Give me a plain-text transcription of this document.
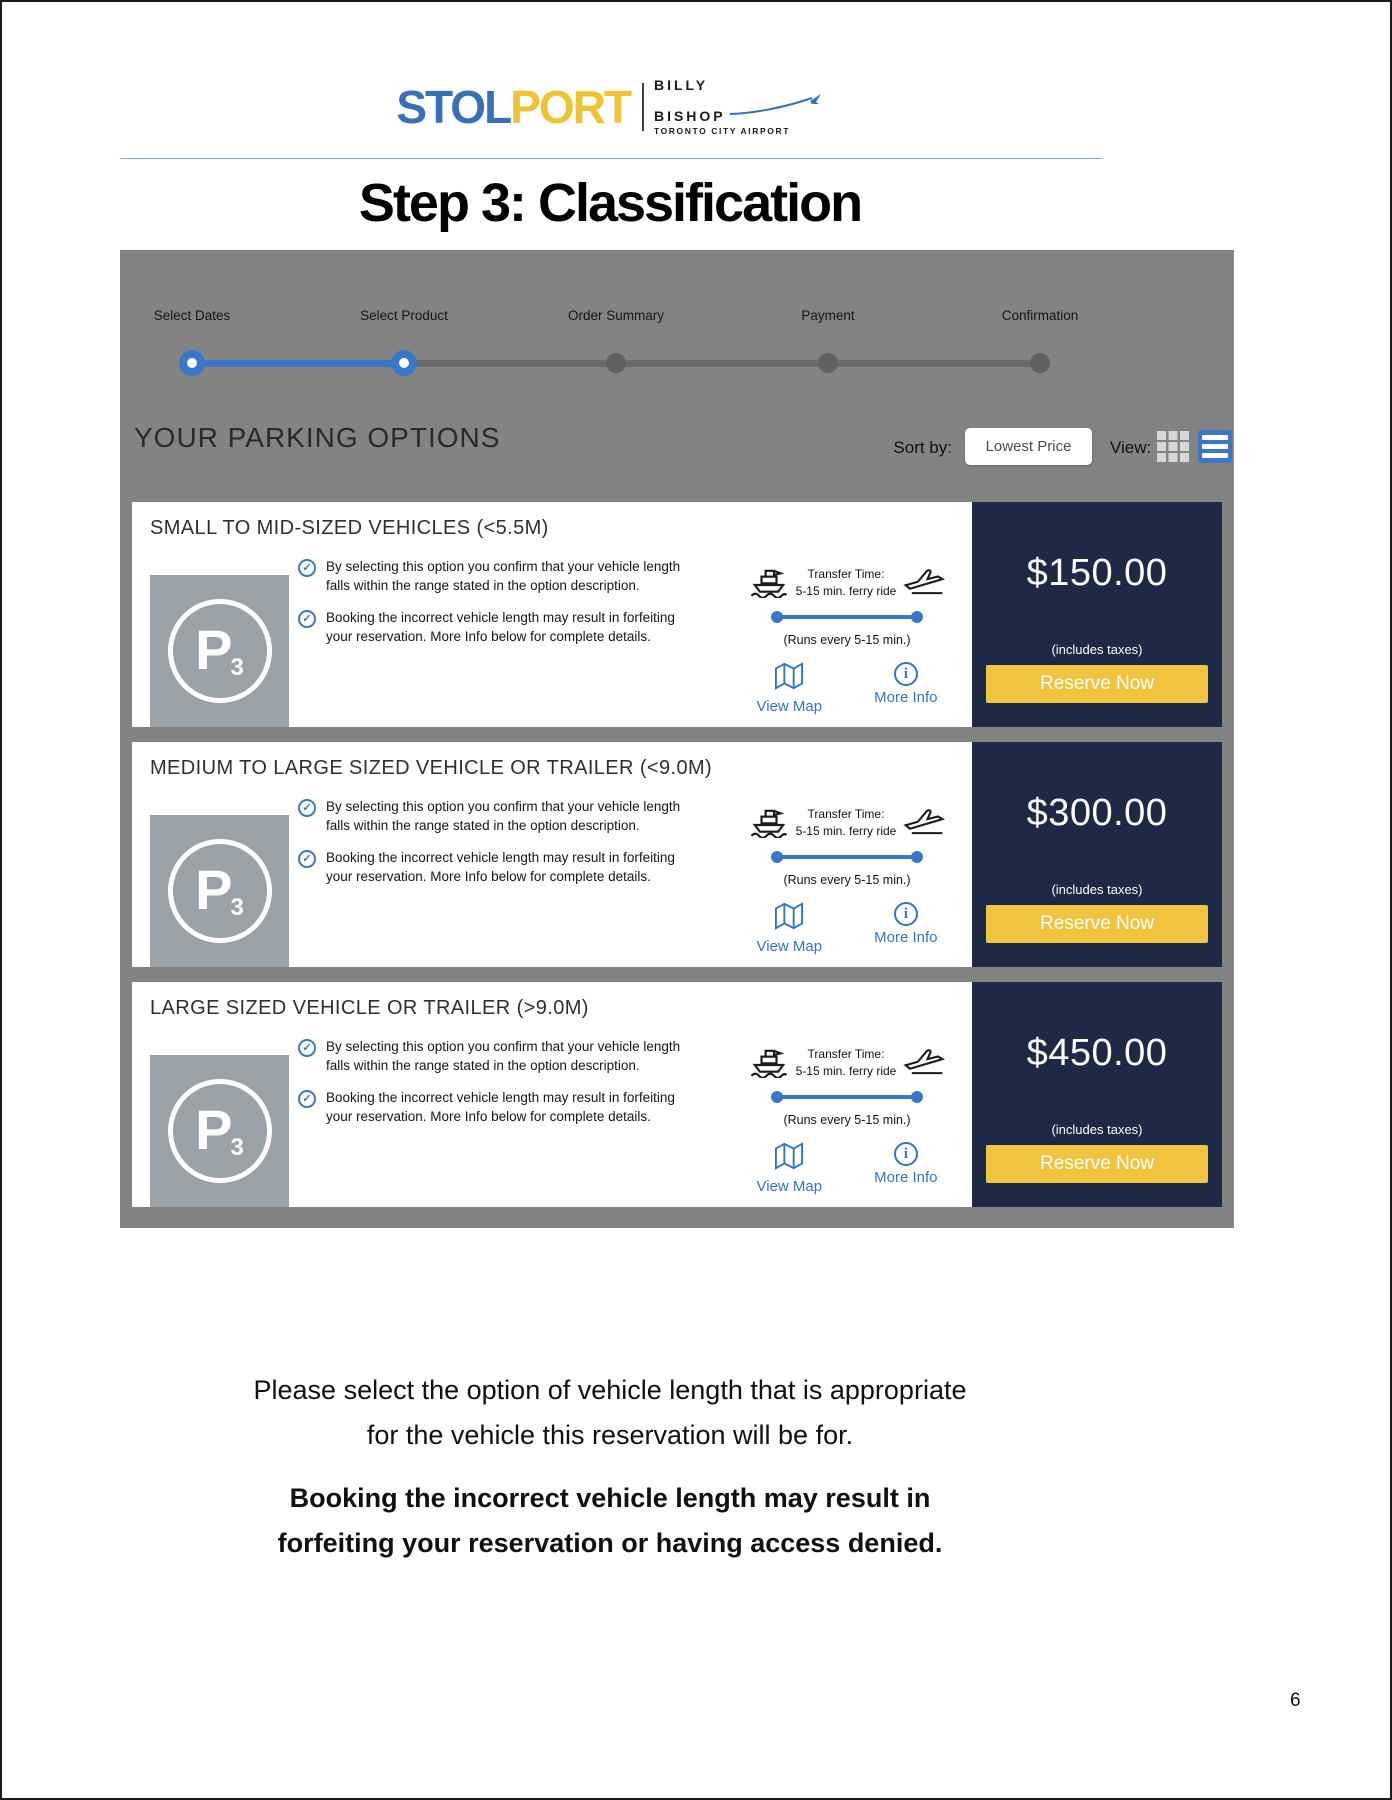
STOLPORT BILLY
BISHOP
TORONTO CITY AIRPORT
Step 3: Classification
Select Dates	Select Product	Order Summary	Payment	Confirmation
YOUR PARKING OPTIONS	Sort by: Lowest Price View:
SMALL TO MID-SIZED VEHICLES (<5.5M)
P3
✓	By selecting this option you confirm that your vehicle length falls within the range stated in the option description.
✓	Booking the incorrect vehicle length may result in forfeiting your reservation. More Info below for complete details.
Transfer Time:
5-15 min. ferry ride
(Runs every 5-15 min.)
View Map
i
More Info
$150.00
(includes taxes)
Reserve Now
MEDIUM TO LARGE SIZED VEHICLE OR TRAILER (<9.0M)
P3
✓	By selecting this option you confirm that your vehicle length falls within the range stated in the option description.
✓	Booking the incorrect vehicle length may result in forfeiting your reservation. More Info below for complete details.
Transfer Time:
5-15 min. ferry ride
(Runs every 5-15 min.)
View Map
i
More Info
$300.00
(includes taxes)
Reserve Now
LARGE SIZED VEHICLE OR TRAILER (>9.0M)
P3
✓	By selecting this option you confirm that your vehicle length falls within the range stated in the option description.
✓	Booking the incorrect vehicle length may result in forfeiting your reservation. More Info below for complete details.
Transfer Time:
5-15 min. ferry ride
(Runs every 5-15 min.)
View Map
i
More Info
$450.00
(includes taxes)
Reserve Now
Please select the option of vehicle length that is appropriate
for the vehicle this reservation will be for.
Booking the incorrect vehicle length may result in
forfeiting your reservation or having access denied.
6
